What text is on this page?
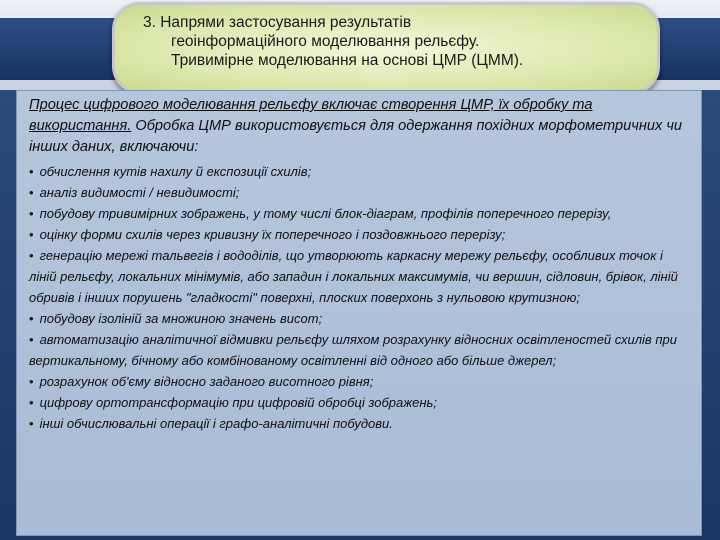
3. Напрями застосування результатів
геоінформаційного моделювання рельєфу.
Тривимірне моделювання на основі ЦМР (ЦММ).

Процес цифрового моделювання рельєфу включає створення ЦМР, їх обробку та використання. Обробка ЦМР використовується для одержання похідних морфометричних чи інших даних, включаючи:

• обчислення кутів нахилу й експозиції схилів;
• аналіз видимості / невидимості;
• побудову тривимірних зображень, у тому числі блок-діаграм, профілів поперечного перерізу,
• оцінку форми схилів через кривизну їх поперечного і поздовжнього перерізу;
• генерацію мережі тальвегів і вододілів, що утворюють каркасну мережу рельєфу, особливих точок і ліній рельєфу, локальних мінімумів, або западин і локальних максимумів, чи вершин, сідловин, брівок, ліній обривів і інших порушень "гладкості" поверхні, плоских поверхонь з нульовою крутизною;
• побудову ізоліній за множиною значень висот;
• автоматизацію аналітичної відмивки рельєфу шляхом розрахунку відносних освітленостей схилів при вертикальному, бічному або комбінованому освітленні від одного або більше джерел;
• розрахунок об'єму відносно заданого висотного рівня;
• цифрову ортотрансформацію при цифровій обробці зображень;
• інші обчислювальні операції і графо-аналітичні побудови.
